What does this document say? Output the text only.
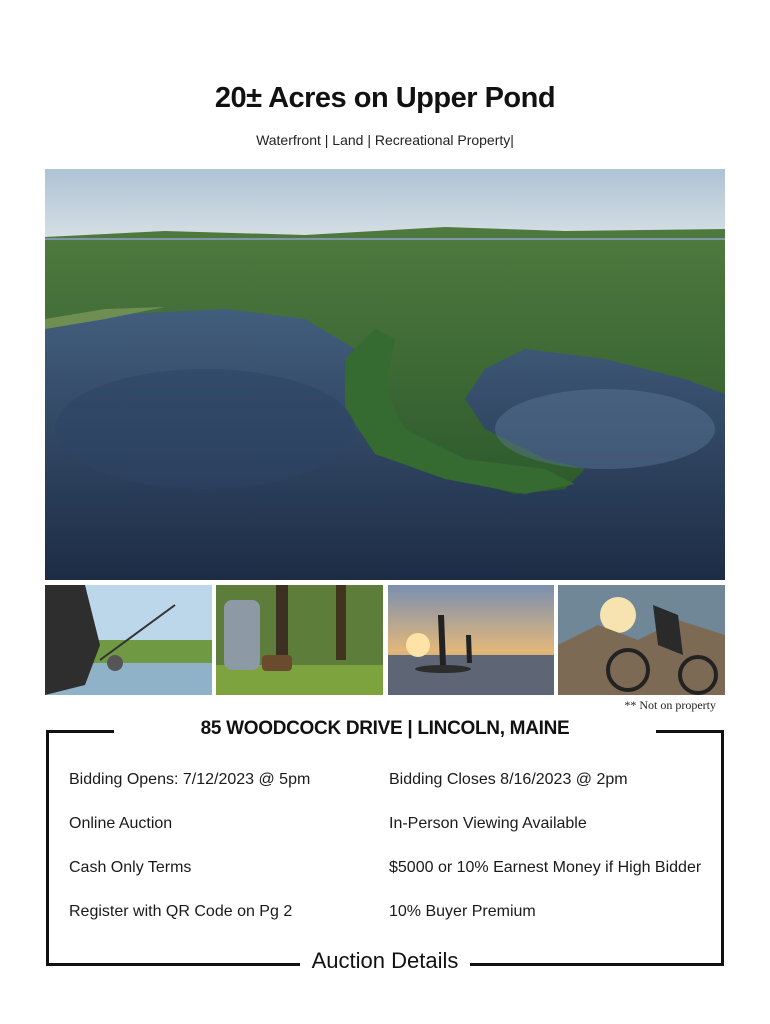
20± Acres on Upper Pond
Waterfront | Land | Recreational Property|
** Not on property
85 WOODCOCK DRIVE | LINCOLN, MAINE
Bidding Opens: 7/12/2023 @ 5pm	Bidding Closes 8/16/2023 @ 2pm
Online Auction	In-Person Viewing Available
Cash Only Terms	$5000 or 10% Earnest Money if High Bidder
Register with QR Code on Pg 2	10% Buyer Premium
Auction Details
